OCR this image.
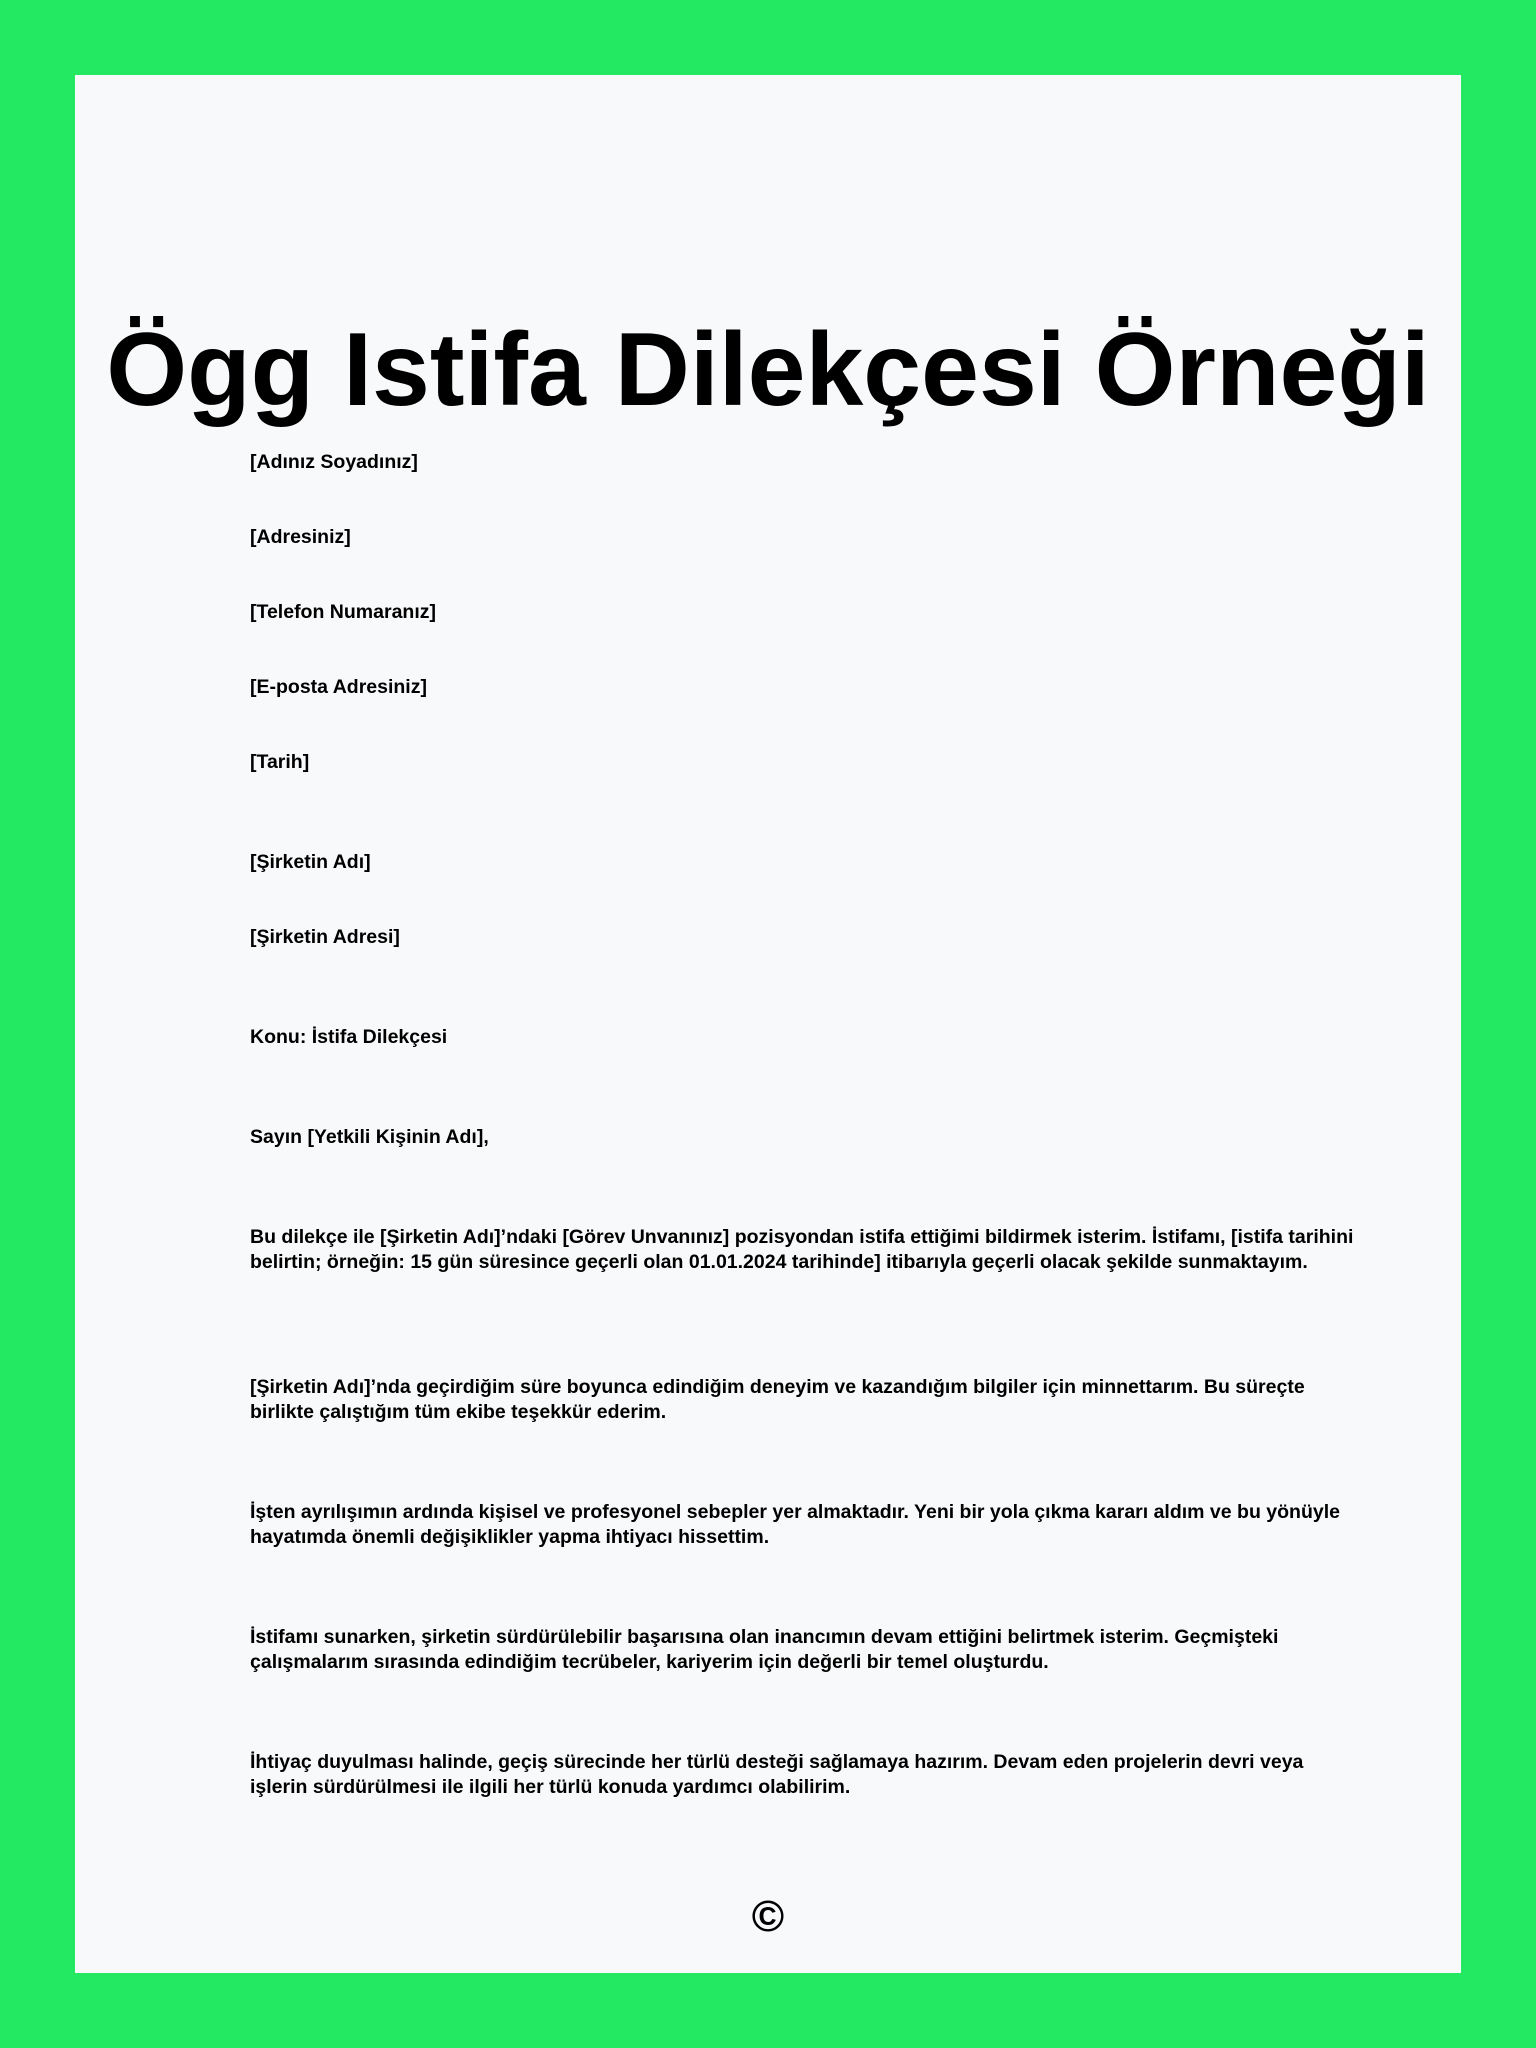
Ögg Istifa Dilekçesi Örneği

[Adınız Soyadınız]

[Adresiniz]

[Telefon Numaranız]

[E-posta Adresiniz]

[Tarih]

[Şirketin Adı]

[Şirketin Adresi]

Konu: İstifa Dilekçesi

Sayın [Yetkili Kişinin Adı],

Bu dilekçe ile [Şirketin Adı]’ndaki [Görev Unvanınız] pozisyondan istifa ettiğimi bildirmek isterim. İstifamı, [istifa tarihini belirtin; örneğin: 15 gün süresince geçerli olan 01.01.2024 tarihinde] itibarıyla geçerli olacak şekilde sunmaktayım.

[Şirketin Adı]’nda geçirdiğim süre boyunca edindiğim deneyim ve kazandığım bilgiler için minnettarım. Bu süreçte birlikte çalıştığım tüm ekibe teşekkür ederim.

İşten ayrılışımın ardında kişisel ve profesyonel sebepler yer almaktadır. Yeni bir yola çıkma kararı aldım ve bu yönüyle hayatımda önemli değişiklikler yapma ihtiyacı hissettim.

İstifamı sunarken, şirketin sürdürülebilir başarısına olan inancımın devam ettiğini belirtmek isterim. Geçmişteki çalışmalarım sırasında edindiğim tecrübeler, kariyerim için değerli bir temel oluşturdu.

İhtiyaç duyulması halinde, geçiş sürecinde her türlü desteği sağlamaya hazırım. Devam eden projelerin devri veya işlerin sürdürülmesi ile ilgili her türlü konuda yardımcı olabilirim.

©
